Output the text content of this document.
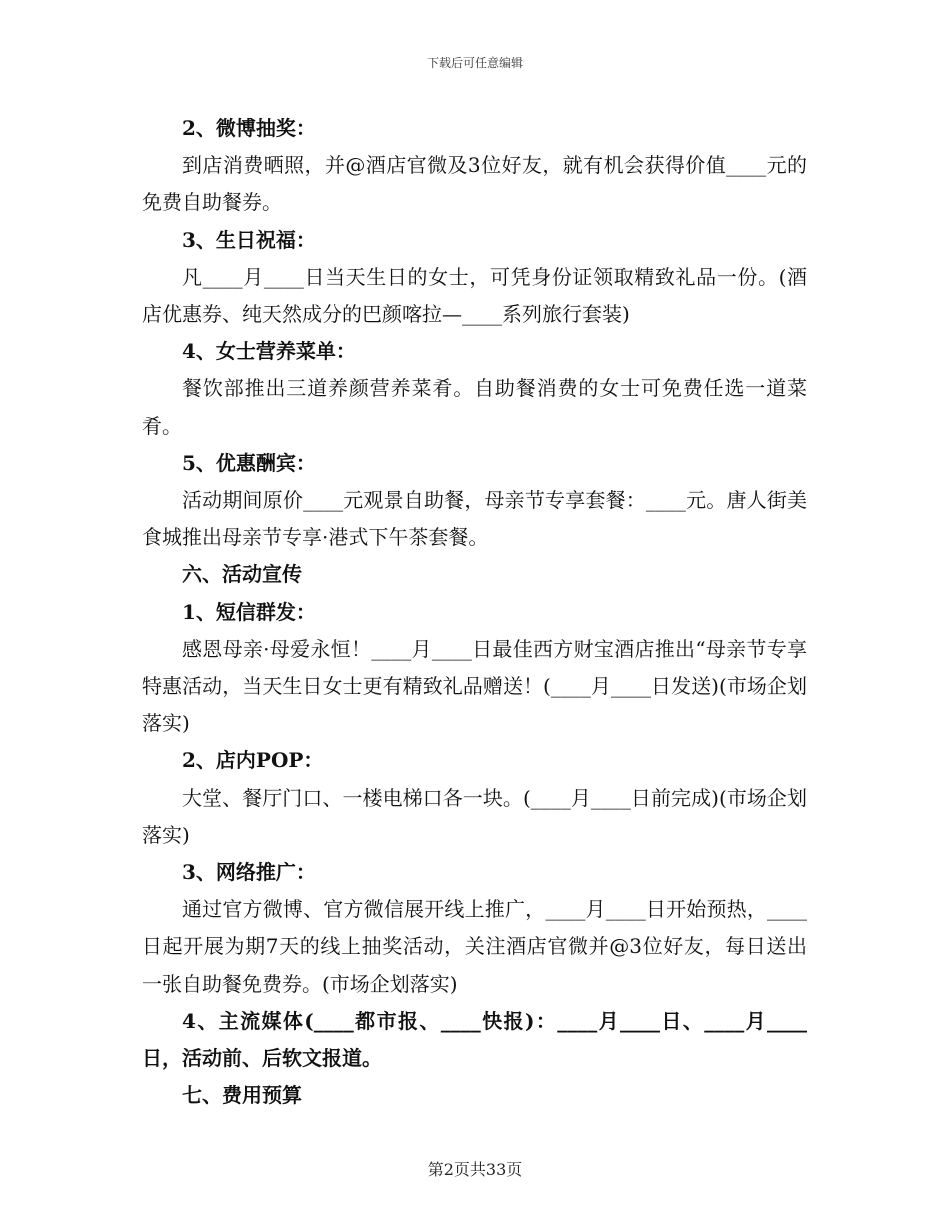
下载后可任意编辑

2、微博抽奖：

到店消费晒照，并@酒店官微及3位好友，就有机会获得价值____元的免费自助餐券。

3、生日祝福：

凡____月____日当天生日的女士，可凭身份证领取精致礼品一份。(酒店优惠券、纯天然成分的巴颜喀拉—____系列旅行套装)

4、女士营养菜单：

餐饮部推出三道养颜营养菜肴。自助餐消费的女士可免费任选一道菜肴。

5、优惠酬宾：

活动期间原价____元观景自助餐，母亲节专享套餐：____元。唐人街美食城推出母亲节专享·港式下午茶套餐。

六、活动宣传

1、短信群发：

感恩母亲·母爱永恒！____月____日最佳西方财宝酒店推出“母亲节专享特惠活动，当天生日女士更有精致礼品赠送！(____月____日发送)(市场企划落实)

2、店内POP：

大堂、餐厅门口、一楼电梯口各一块。(____月____日前完成)(市场企划落实)

3、网络推广：

通过官方微博、官方微信展开线上推广，____月____日开始预热，____日起开展为期7天的线上抽奖活动，关注酒店官微并@3位好友，每日送出一张自助餐免费券。(市场企划落实)

4、主流媒体(____都市报、____快报)：____月____日、____月____日，活动前、后软文报道。

七、费用预算

第2页共33页
